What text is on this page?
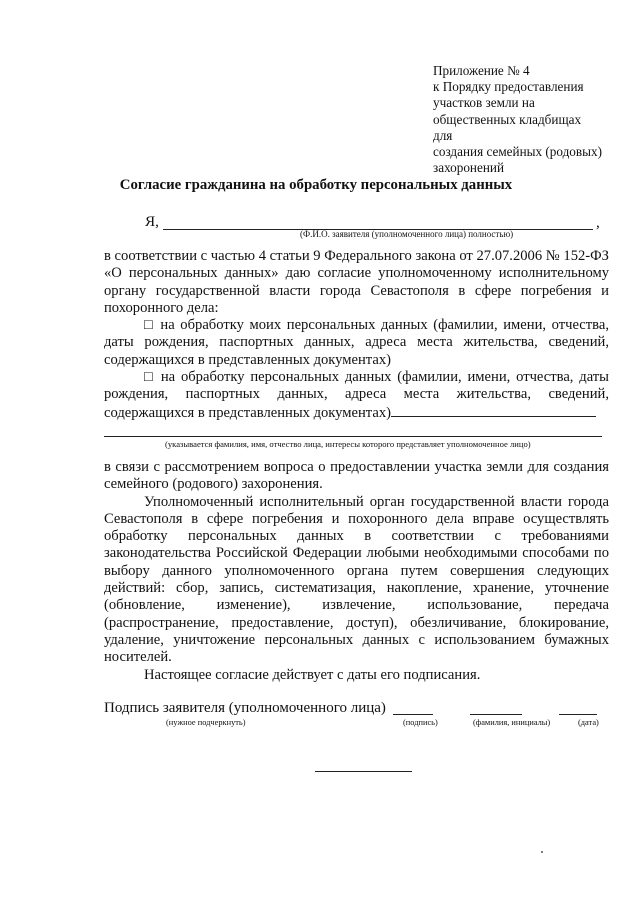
Приложение № 4
к Порядку предоставления
участков земли на
общественных кладбищах для
создания семейных (родовых)
захоронений
Согласие гражданина на обработку персональных данных
Я,	,
(Ф.И.О. заявителя (уполномоченного лица) полностью)

в соответствии с частью 4 статьи 9 Федерального закона от 27.07.2006 № 152-ФЗ «О персональных данных» даю согласие уполномоченному исполнительному органу государственной власти города Севастополя в сфере погребения и похоронного дела:

□ на обработку моих персональных данных (фамилии, имени, отчества, даты рождения, паспортных данных, адреса места жительства, сведений, содержащихся в представленных документах)

□ на обработку персональных данных (фамилии, имени, отчества, даты рождения, паспортных данных, адреса места жительства, сведений, содержащихся в представленных документах)

(указывается фамилия, имя, отчество лица, интересы которого представляет уполномоченное лицо)

в связи с рассмотрением вопроса о предоставлении участка земли для создания семейного (родового) захоронения.

Уполномоченный исполнительный орган государственной власти города Севастополя в сфере погребения и похоронного дела вправе осуществлять обработку персональных данных в соответствии с требованиями законодательства Российской Федерации любыми необходимыми способами по выбору данного уполномоченного органа путем совершения следующих действий: сбор, запись, систематизация, накопление, хранение, уточнение (обновление, изменение), извлечение, использование, передача (распространение, предоставление, доступ), обезличивание, блокирование, удаление, уничтожение персональных данных с использованием бумажных носителей.

Настоящее согласие действует с даты его подписания.

Подпись заявителя (уполномоченного лица)
(нужное подчеркнуть)	(подпись)	(фамилия, инициалы)	(дата)
